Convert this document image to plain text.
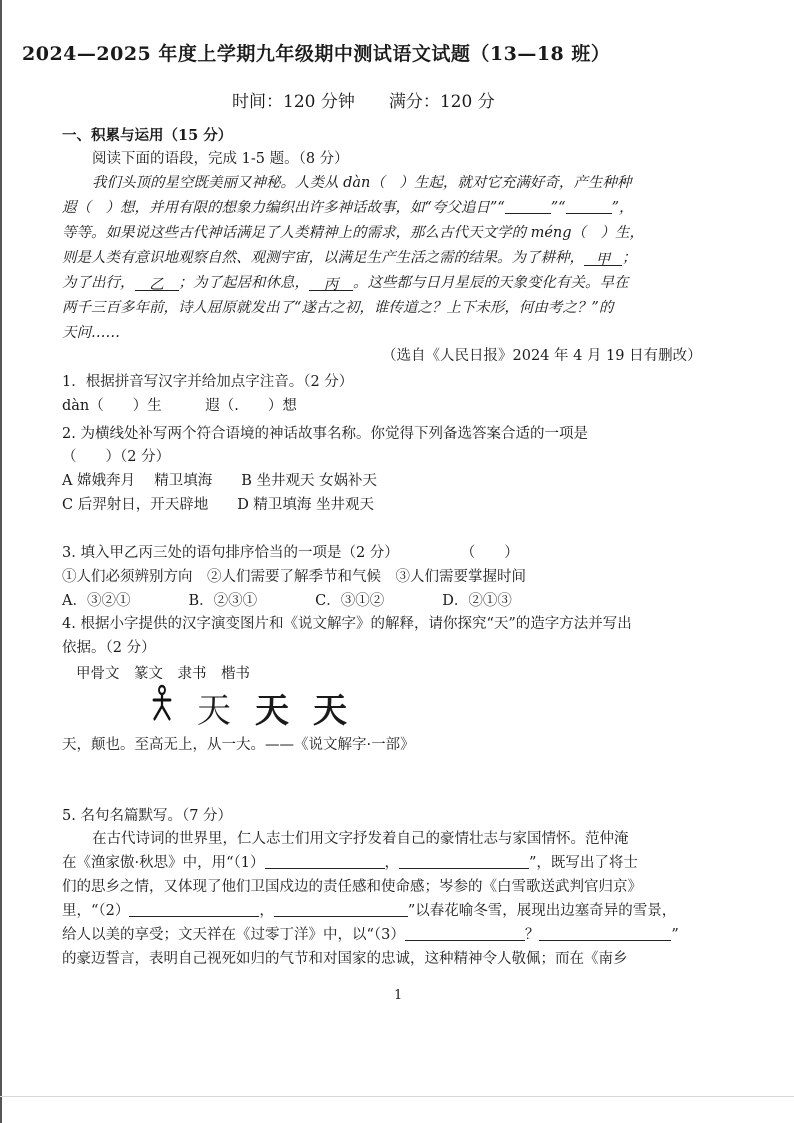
2024—2025 年度上学期九年级期中测试语文试题（13—18 班）
时间：120 分钟　　满分：120 分
一、积累与运用（15 分）
阅读下面的语段，完成 1-5 题。（8 分）
我们头顶的星空既美丽又神秘。人类从 dàn（　）生起，就对它充满好奇，产生种种
遐（　）想，并用有限的想象力编织出许多神话故事，如“夸父追日”“	”“	”，
等等。如果说这些古代神话满足了人类精神上的需求，那么古代天文学的 méng（　）生，
则是人类有意识地观察自然、观测宇宙，以满足生产生活之需的结果。为了耕种， 甲 ；
为了出行， 乙 ；为了起居和休息， 丙 。这些都与日月星辰的天象变化有关。早在
两千三百多年前，诗人屈原就发出了“遂古之初，谁传道之？上下未形，何由考之？”的
天问……
（选自《人民日报》2024 年 4 月 19 日有删改）
1．根据拼音写汉字并给加点字注音。（2 分）
dàn（　　）生　　　遐（.　　）想
2. 为横线处补写两个符合语境的神话故事名称。你觉得下列备选答案合适的一项是
（　　）（2 分）
A 嫦娥奔月　 精卫填海　　B 坐井观天 女娲补天
C 后羿射日，开天辟地　　D 精卫填海 坐井观天
3. 填入甲乙丙三处的语句排序恰当的一项是（2 分）	（　　）
①人们必须辨别方向　②人们需要了解季节和气候　③人们需要掌握时间
A．③②①　　　　B．②③①　　　　C．③①②　　　　D．②①③
4. 根据小字提供的汉字演变图片和《说文解字》的解释，请你探究“天”的造字方法并写出
依据。（2 分）
甲骨文　篆文　隶书　楷书
天 天 天
天，颠也。至高无上，从一大。——《说文解字·一部》
5. 名句名篇默写。（7 分）
在古代诗词的世界里，仁人志士们用文字抒发着自己的豪情壮志与家国情怀。范仲淹
在《渔家傲·秋思》中，用“（1）	，	”，既写出了将士
们的思乡之情，又体现了他们卫国戍边的责任感和使命感；岑参的《白雪歌送武判官归京》
里，“（2）	，	”以春花喻冬雪，展现出边塞奇异的雪景，
给人以美的享受；文天祥在《过零丁洋》中，以“（3）	？	”
的豪迈誓言，表明自己视死如归的气节和对国家的忠诚，这种精神令人敬佩；而在《南乡
1
